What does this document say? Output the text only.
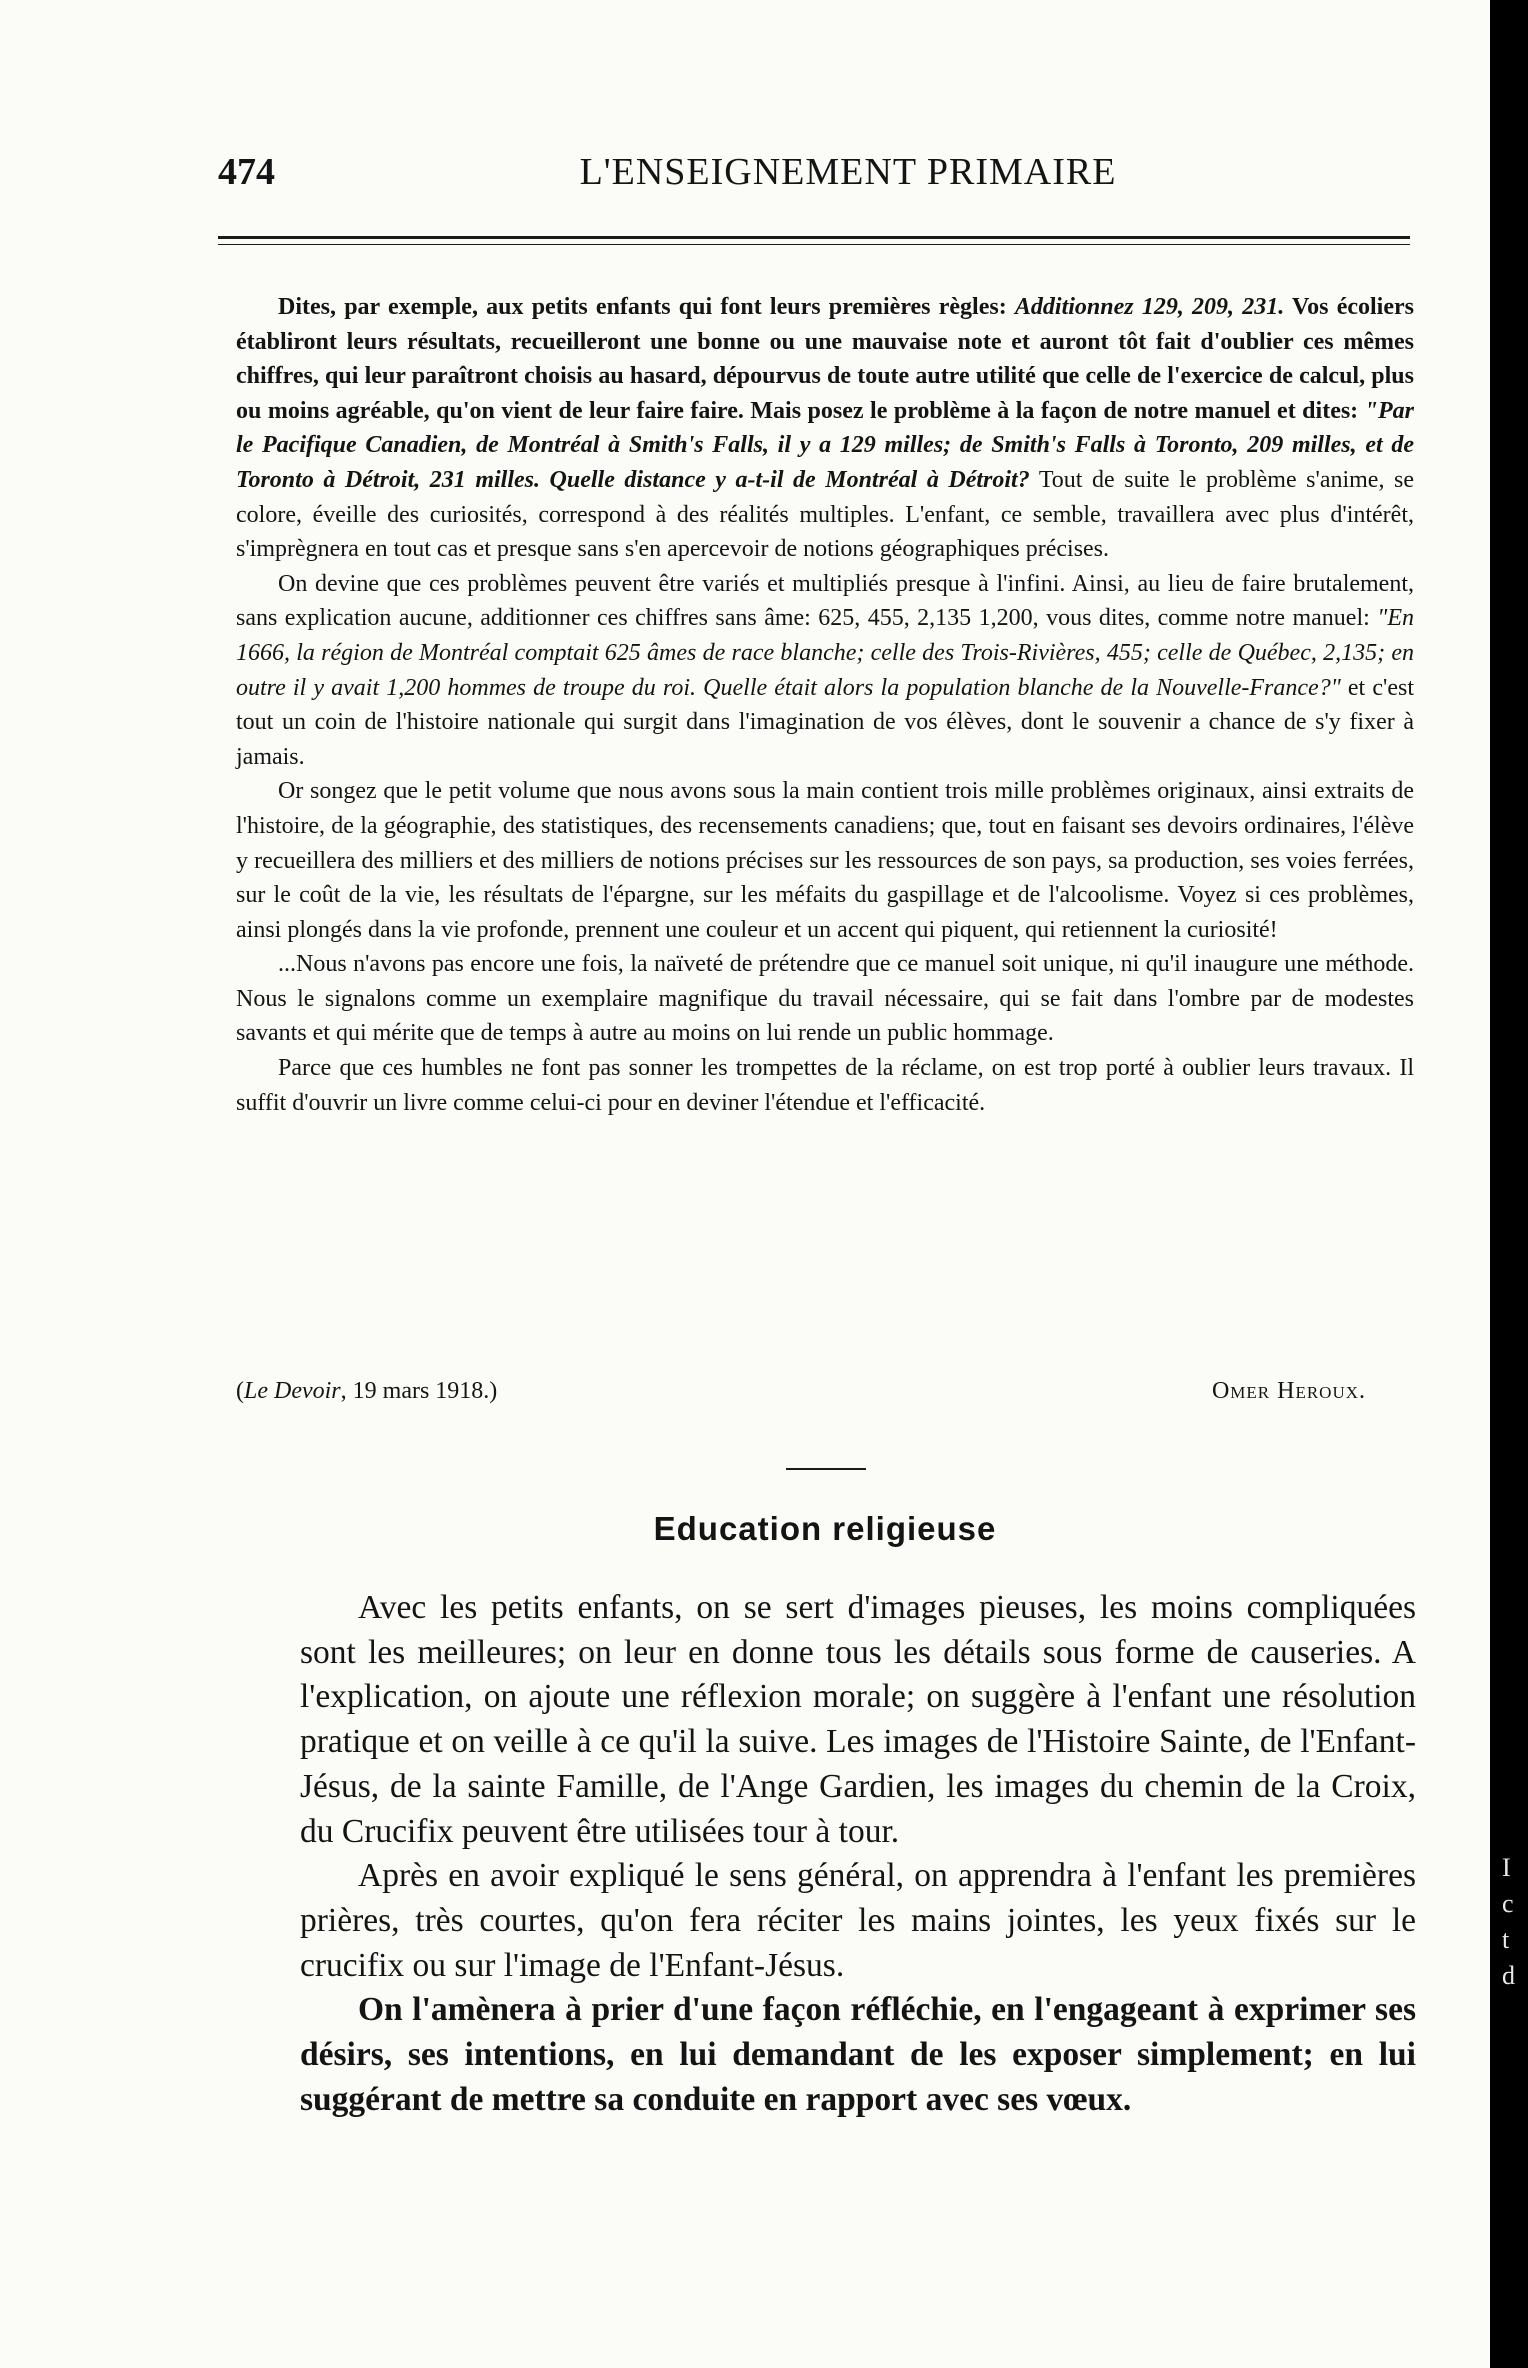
474	L'ENSEIGNEMENT PRIMAIRE

Dites, par exemple, aux petits enfants qui font leurs premières règles: Additionnez 129, 209, 231. Vos écoliers établiront leurs résultats, recueilleront une bonne ou une mauvaise note et auront tôt fait d'oublier ces mêmes chiffres, qui leur paraîtront choisis au hasard, dépourvus de toute autre utilité que celle de l'exercice de calcul, plus ou moins agréable, qu'on vient de leur faire faire. Mais posez le problème à la façon de notre manuel et dites: "Par le Pacifique Canadien, de Montréal à Smith's Falls, il y a 129 milles; de Smith's Falls à Toronto, 209 milles, et de Toronto à Détroit, 231 milles. Quelle distance y a-t-il de Montréal à Détroit? Tout de suite le problème s'anime, se colore, éveille des curiosités, correspond à des réalités multiples. L'enfant, ce semble, travaillera avec plus d'intérêt, s'imprègnera en tout cas et presque sans s'en apercevoir de notions géographiques précises.

On devine que ces problèmes peuvent être variés et multipliés presque à l'infini. Ainsi, au lieu de faire brutalement, sans explication aucune, additionner ces chiffres sans âme: 625, 455, 2,135 1,200, vous dites, comme notre manuel: "En 1666, la région de Montréal comptait 625 âmes de race blanche; celle des Trois-Rivières, 455; celle de Québec, 2,135; en outre il y avait 1,200 hommes de troupe du roi. Quelle était alors la population blanche de la Nouvelle-France?" et c'est tout un coin de l'histoire nationale qui surgit dans l'imagination de vos élèves, dont le souvenir a chance de s'y fixer à jamais.

Or songez que le petit volume que nous avons sous la main contient trois mille problèmes originaux, ainsi extraits de l'histoire, de la géographie, des statistiques, des recensements canadiens; que, tout en faisant ses devoirs ordinaires, l'élève y recueillera des milliers et des milliers de notions précises sur les ressources de son pays, sa production, ses voies ferrées, sur le coût de la vie, les résultats de l'épargne, sur les méfaits du gaspillage et de l'alcoolisme. Voyez si ces problèmes, ainsi plongés dans la vie profonde, prennent une couleur et un accent qui piquent, qui retiennent la curiosité!

...Nous n'avons pas encore une fois, la naïveté de prétendre que ce manuel soit unique, ni qu'il inaugure une méthode. Nous le signalons comme un exemplaire magnifique du travail nécessaire, qui se fait dans l'ombre par de modestes savants et qui mérite que de temps à autre au moins on lui rende un public hommage.

Parce que ces humbles ne font pas sonner les trompettes de la réclame, on est trop porté à oublier leurs travaux. Il suffit d'ouvrir un livre comme celui-ci pour en deviner l'étendue et l'efficacité.

(Le Devoir, 19 mars 1918.)	Omer Heroux.
Education religieuse

Avec les petits enfants, on se sert d'images pieuses, les moins compliquées sont les meilleures; on leur en donne tous les détails sous forme de causeries. A l'explication, on ajoute une réflexion morale; on suggère à l'enfant une résolution pratique et on veille à ce qu'il la suive. Les images de l'Histoire Sainte, de l'Enfant-Jésus, de la sainte Famille, de l'Ange Gardien, les images du chemin de la Croix, du Crucifix peuvent être utilisées tour à tour.

Après en avoir expliqué le sens général, on apprendra à l'enfant les premières prières, très courtes, qu'on fera réciter les mains jointes, les yeux fixés sur le crucifix ou sur l'image de l'Enfant-Jésus.

On l'amènera à prier d'une façon réfléchie, en l'engageant à exprimer ses désirs, ses intentions, en lui demandant de les exposer simplement; en lui suggérant de mettre sa conduite en rapport avec ses vœux.

I
c
t
d
